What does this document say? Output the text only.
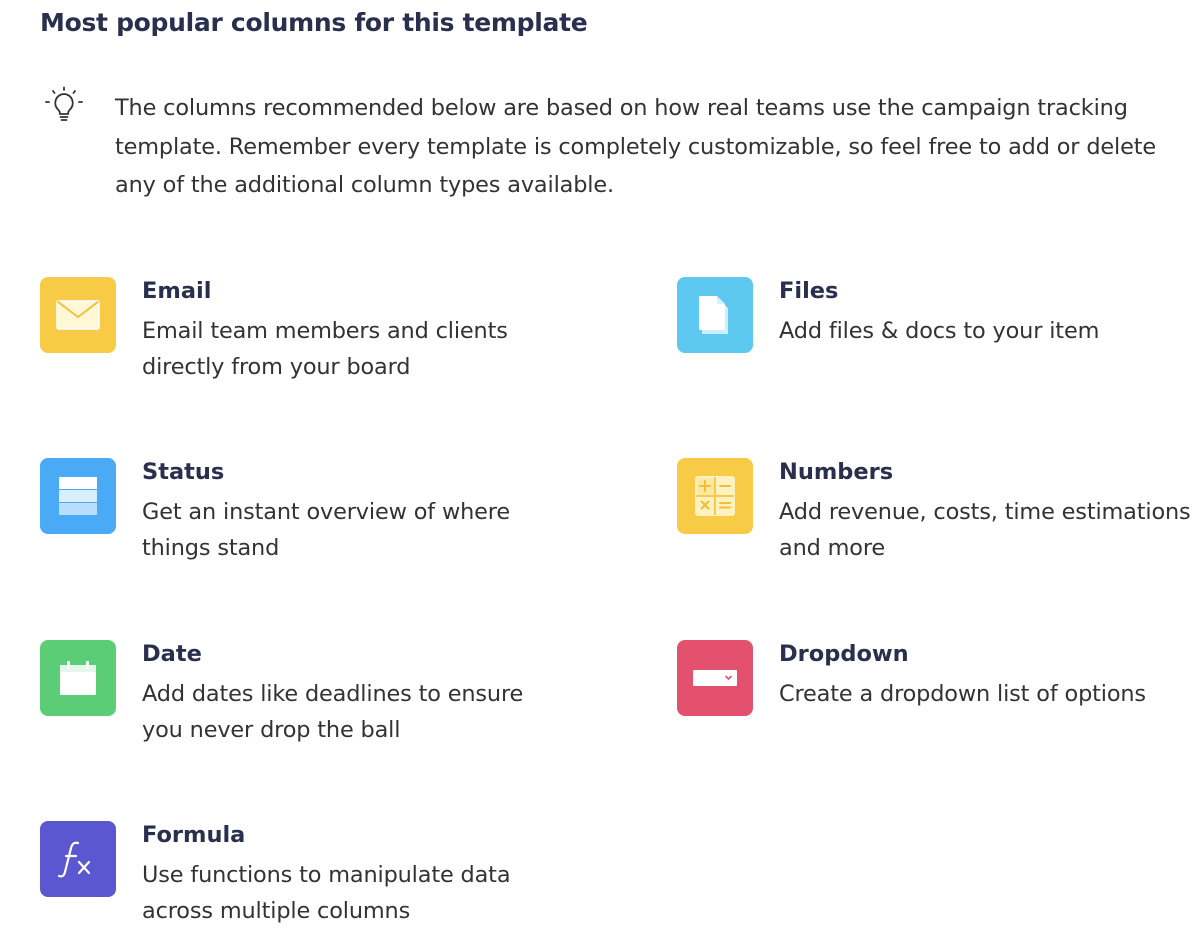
Most popular columns for this template

The columns recommended below are based on how real teams use the campaign tracking template. Remember every template is completely customizable, so feel free to add or delete any of the additional column types available.

Email
Email team members and clients directly from your board
Files
Add files & docs to your item
Status
Get an instant overview of where things stand
Numbers
Add revenue, costs, time estimations and more
Date
Add dates like deadlines to ensure you never drop the ball
Dropdown
Create a dropdown list of options
Formula
Use functions to manipulate data across multiple columns
